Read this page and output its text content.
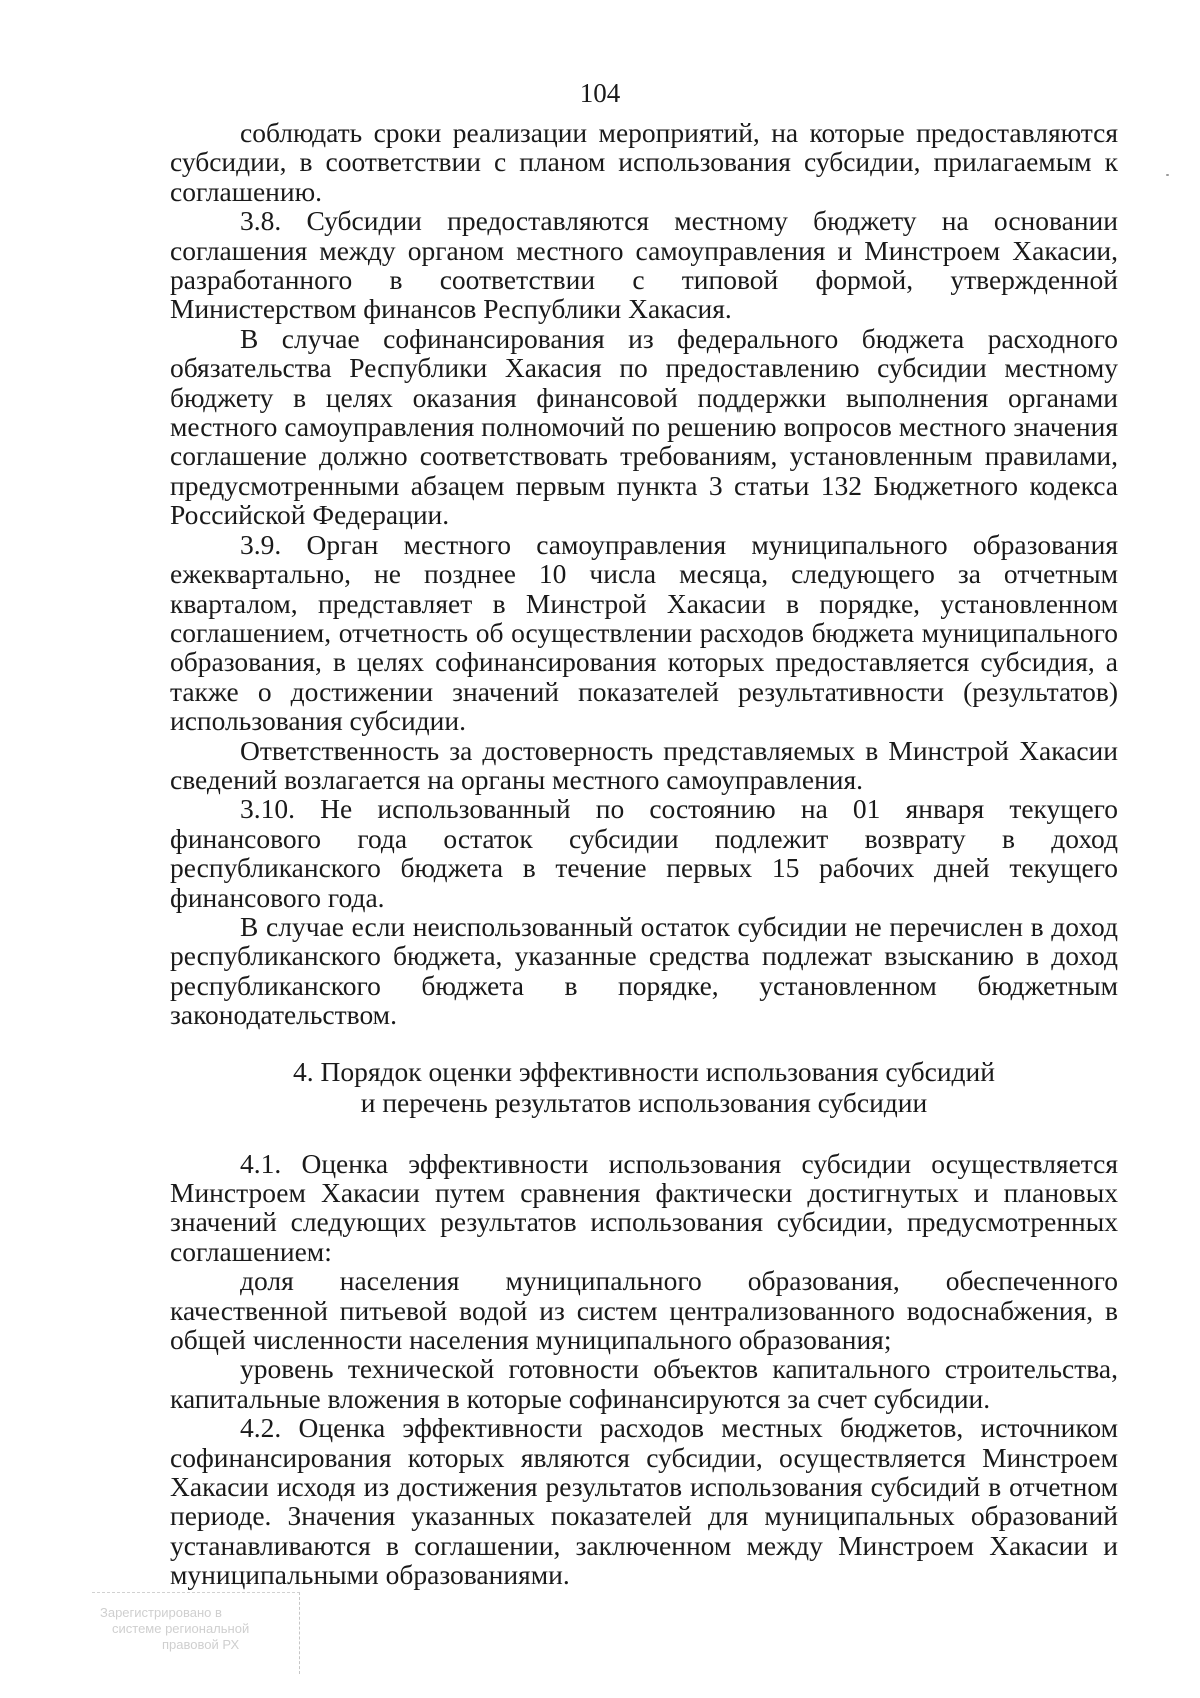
104

соблюдать сроки реализации мероприятий, на которые предоставляются субсидии, в соответствии с планом использования субсидии, прилагаемым к соглашению.

3.8. Субсидии предоставляются местному бюджету на основании соглашения между органом местного самоуправления и Минстроем Хакасии, разработанного в соответствии с типовой формой, утвержденной Министерством финансов Республики Хакасия.

В случае софинансирования из федерального бюджета расходного обязательства Республики Хакасия по предоставлению субсидии местному бюджету в целях оказания финансовой поддержки выполнения органами местного самоуправления полномочий по решению вопросов местного значения соглашение должно соответствовать требованиям, установленным правилами, предусмотренными абзацем первым пункта 3 статьи 132 Бюджетного кодекса Российской Федерации.

3.9. Орган местного самоуправления муниципального образования ежеквартально, не позднее 10 числа месяца, следующего за отчетным кварталом, представляет в Минстрой Хакасии в порядке, установленном соглашением, отчетность об осуществлении расходов бюджета муниципального образования, в целях софинансирования которых предоставляется субсидия, а также о достижении значений показателей результативности (результатов) использования субсидии.

Ответственность за достоверность представляемых в Минстрой Хакасии сведений возлагается на органы местного самоуправления.

3.10. Не использованный по состоянию на 01 января текущего финансового года остаток субсидии подлежит возврату в доход республиканского бюджета в течение первых 15 рабочих дней текущего финансового года.

В случае если неиспользованный остаток субсидии не перечислен в доход республиканского бюджета, указанные средства подлежат взысканию в доход республиканского бюджета в порядке, установленном бюджетным законодательством.

4. Порядок оценки эффективности использования субсидий
и перечень результатов использования субсидии

4.1. Оценка эффективности использования субсидии осуществляется Минстроем Хакасии путем сравнения фактически достигнутых и плановых значений следующих результатов использования субсидии, предусмотренных соглашением:

доля населения муниципального образования, обеспеченного качественной питьевой водой из систем централизованного водоснабжения, в общей численности населения муниципального образования;

уровень технической готовности объектов капитального строительства, капитальные вложения в которые софинансируются за счет субсидии.

4.2. Оценка эффективности расходов местных бюджетов, источником софинансирования которых являются субсидии, осуществляется Минстроем Хакасии исходя из достижения результатов использования субсидий в отчетном периоде. Значения указанных показателей для муниципальных образований устанавливаются в соглашении, заключенном между Минстроем Хакасии и муниципальными образованиями.

Зарегистрировано в
системе региональной
правовой РХ
